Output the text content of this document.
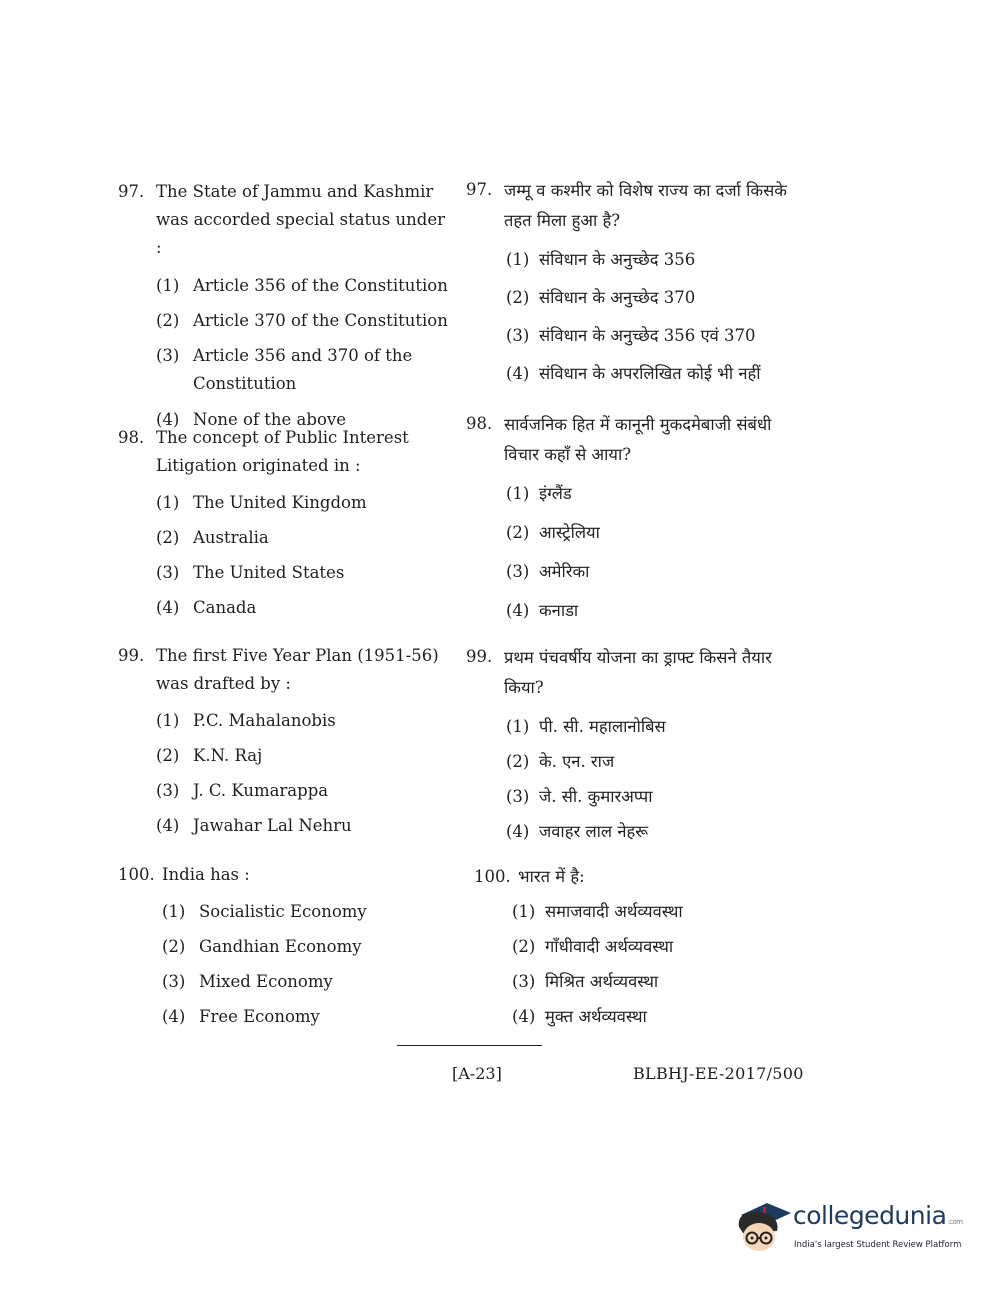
97. The State of Jammu and Kashmir was accorded special status under :
(1) Article 356 of the Constitution
(2) Article 370 of the Constitution
(3) Article 356 and 370 of the Constitution
(4) None of the above
98. The concept of Public Interest Litigation originated in :
(1) The United Kingdom
(2) Australia
(3) The United States
(4) Canada
99. The first Five Year Plan (1951-56) was drafted by :
(1) P.C. Mahalanobis
(2) K.N. Raj
(3) J. C. Kumarappa
(4) Jawahar Lal Nehru
100. India has :
(1) Socialistic Economy
(2) Gandhian Economy
(3) Mixed Economy
(4) Free Economy
97. जम्मू व कश्मीर को विशेष राज्य का दर्जा किसके तहत मिला हुआ है?
(1) संविधान के अनुच्छेद 356
(2) संविधान के अनुच्छेद 370
(3) संविधान के अनुच्छेद 356 एवं 370
(4) संविधान के अपरलिखित कोई भी नहीं
98. सार्वजनिक हित में कानूनी मुकदमेबाजी संबंधी विचार कहाँ से आया?
(1) इंग्लैंड
(2) आस्ट्रेलिया
(3) अमेरिका
(4) कनाडा
99. प्रथम पंचवर्षीय योजना का ड्राफ्ट किसने तैयार किया?
(1) पी. सी. महालानोबिस
(2) के. एन. राज
(3) जे. सी. कुमारअप्पा
(4) जवाहर लाल नेहरू
100. भारत में है:
(1) समाजवादी अर्थव्यवस्था
(2) गाँधीवादी अर्थव्यवस्था
(3) मिश्रित अर्थव्यवस्था
(4) मुक्त अर्थव्यवस्था
[A-23]	BLBHJ-EE-2017/500
collegedunia.com
India's largest Student Review Platform
